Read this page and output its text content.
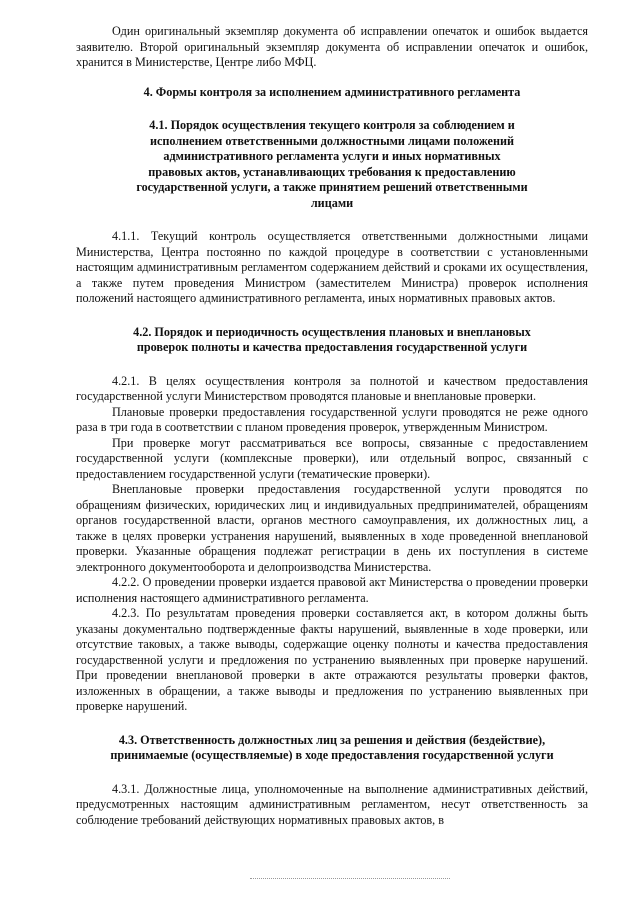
Один оригинальный экземпляр документа об исправлении опечаток и ошибок выдается заявителю. Второй оригинальный экземпляр документа об исправлении опечаток и ошибок, хранится в Министерстве, Центре либо МФЦ.

4. Формы контроля за исполнением административного регламента
4.1. Порядок осуществления текущего контроля за соблюдением и исполнением ответственными должностными лицами положений административного регламента услуги и иных нормативных правовых актов, устанавливающих требования к предоставлению государственной услуги, а также принятием решений ответственными лицами

4.1.1. Текущий контроль осуществляется ответственными должностными лицами Министерства, Центра постоянно по каждой процедуре в соответствии с установленными настоящим административным регламентом содержанием действий и сроками их осуществления, а также путем проведения Министром (заместителем Министра) проверок исполнения положений настоящего административного регламента, иных нормативных правовых актов.

4.2. Порядок и периодичность осуществления плановых и внеплановых проверок полноты и качества предоставления государственной услуги

4.2.1. В целях осуществления контроля за полнотой и качеством предоставления государственной услуги Министерством проводятся плановые и внеплановые проверки.

Плановые проверки предоставления государственной услуги проводятся не реже одного раза в три года в соответствии с планом проведения проверок, утвержденным Министром.

При проверке могут рассматриваться все вопросы, связанные с предоставлением государственной услуги (комплексные проверки), или отдельный вопрос, связанный с предоставлением государственной услуги (тематические проверки).

Внеплановые проверки предоставления государственной услуги проводятся по обращениям физических, юридических лиц и индивидуальных предпринимателей, обращениям органов государственной власти, органов местного самоуправления, их должностных лиц, а также в целях проверки устранения нарушений, выявленных в ходе проведенной внеплановой проверки. Указанные обращения подлежат регистрации в день их поступления в системе электронного документооборота и делопроизводства Министерства.

4.2.2. О проведении проверки издается правовой акт Министерства о проведении проверки исполнения настоящего административного регламента.

4.2.3. По результатам проведения проверки составляется акт, в котором должны быть указаны документально подтвержденные факты нарушений, выявленные в ходе проверки, или отсутствие таковых, а также выводы, содержащие оценку полноты и качества предоставления государственной услуги и предложения по устранению выявленных при проверке нарушений. При проведении внеплановой проверки в акте отражаются результаты проверки фактов, изложенных в обращении, а также выводы и предложения по устранению выявленных при проверке нарушений.

4.3. Ответственность должностных лиц за решения и действия (бездействие), принимаемые (осуществляемые) в ходе предоставления государственной услуги

4.3.1. Должностные лица, уполномоченные на выполнение административных действий, предусмотренных настоящим административным регламентом, несут ответственность за соблюдение требований действующих нормативных правовых актов, в
